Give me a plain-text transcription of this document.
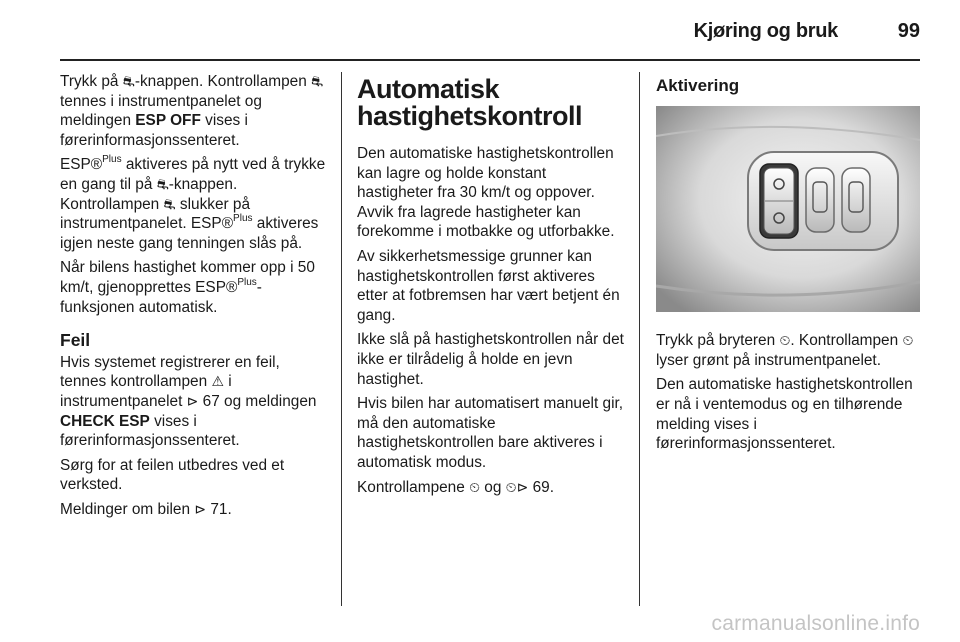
Kjøring og bruk	99

Trykk på ⛐-knappen. Kontrollampen ⛐ tennes i instrumentpanelet og meldingen ESP OFF vises i førerinformasjonssenteret.

ESP®$^{Plus}$ aktiveres på nytt ved å trykke en gang til på ⛐-knappen. Kontrollampen ⛐ slukker på instrumentpanelet. ESP®$^{Plus}$ aktiveres igjen neste gang tenningen slås på.

Når bilens hastighet kommer opp i 50 km/t, gjenopprettes ESP®$^{Plus}$-funksjonen automatisk.

Feil

Hvis systemet registrerer en feil, tennes kontrollampen ⚠ i instrumentpanelet ⊳ 67 og meldingen CHECK ESP vises i førerinformasjonssenteret.

Sørg for at feilen utbedres ved et verksted.

Meldinger om bilen ⊳ 71.

Automatisk hastighetskontroll

Den automatiske hastighetskontrollen kan lagre og holde konstant hastigheter fra 30 km/t og oppover. Avvik fra lagrede hastigheter kan forekomme i motbakke og utforbakke.

Av sikkerhetsmessige grunner kan hastighetskontrollen først aktiveres etter at fotbremsen har vært betjent én gang.

Ikke slå på hastighetskontrollen når det ikke er tilrådelig å holde en jevn hastighet.

Hvis bilen har automatisert manuelt gir, må den automatiske hastighetskontrollen bare aktiveres i automatisk modus.

Kontrollampene ⏲ og ⏲⊳ 69.

Aktivering

Trykk på bryteren ⏲. Kontrollampen ⏲ lyser grønt på instrumentpanelet.

Den automatiske hastighetskontrollen er nå i ventemodus og en tilhørende melding vises i førerinformasjonssenteret.

carmanualsonline.info
